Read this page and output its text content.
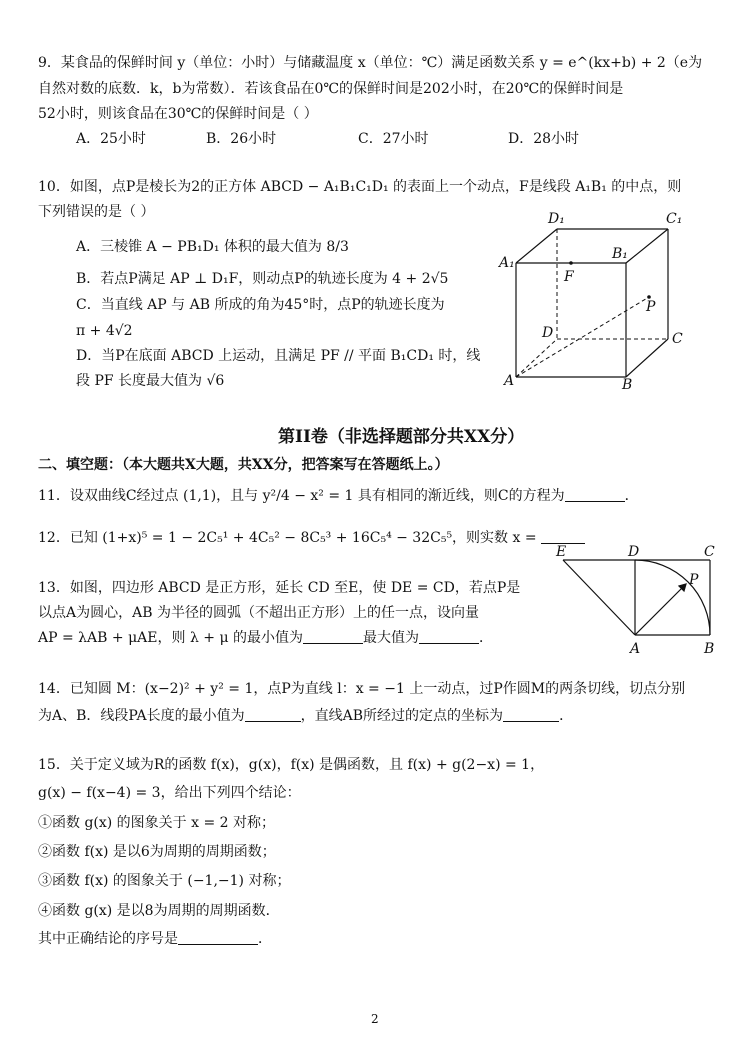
9．某食品的保鲜时间 y（单位：小时）与储藏温度 x（单位：℃）满足函数关系 y = e^(kx+b) + 2（e为
自然对数的底数．k，b为常数）．若该食品在0℃的保鲜时间是202小时，在20℃的保鲜时间是
52小时，则该食品在30℃的保鲜时间是（ ）
A．25小时	B．26小时	C．27小时	D．28小时
10．如图，点P是棱长为2的正方体 ABCD − A₁B₁C₁D₁ 的表面上一个动点，F是线段 A₁B₁ 的中点，则
下列错误的是（ ）
A．三棱锥 A − PB₁D₁ 体积的最大值为 8/3
B．若点P满足 AP ⊥ D₁F，则动点P的轨迹长度为 4 + 2√5
C．当直线 AP 与 AB 所成的角为45°时，点P的轨迹长度为
π + 4√2
D．当P在底面 ABCD 上运动，且满足 PF // 平面 B₁CD₁ 时，线
段 PF 长度最大值为 √6
D₁	C₁
A₁
B₁
F
P
D	C
A	B
第II卷（非选择题部分共XX分）
二、填空题：（本大题共X大题，共XX分，把答案写在答题纸上。）
11．设双曲线C经过点 (1,1)，且与 y²/4 − x² = 1 具有相同的渐近线，则C的方程为	．
12．已知 (1+x)⁵ = 1 − 2C₅¹ + 4C₅² − 8C₅³ + 16C₅⁴ − 32C₅⁵，则实数 x =
13．如图，四边形 ABCD 是正方形，延长 CD 至E，使 DE = CD，若点P是
以点A为圆心，AB 为半径的圆弧（不超出正方形）上的任一点，设向量
AP = λAB + μAE，则 λ + μ 的最小值为	最大值为	．
E	D	C
P
A	B
14．已知圆 M：(x−2)² + y² = 1，点P为直线 l：x = −1 上一动点，过P作圆M的两条切线，切点分别
为A、B．线段PA长度的最小值为	，直线AB所经过的定点的坐标为	．
15．关于定义域为R的函数 f(x)，g(x)，f(x) 是偶函数，且 f(x) + g(2−x) = 1，
g(x) − f(x−4) = 3，给出下列四个结论：
①函数 g(x) 的图象关于 x = 2 对称；
②函数 f(x) 是以6为周期的周期函数；
③函数 f(x) 的图象关于 (−1,−1) 对称；
④函数 g(x) 是以8为周期的周期函数．
其中正确结论的序号是	．
2
